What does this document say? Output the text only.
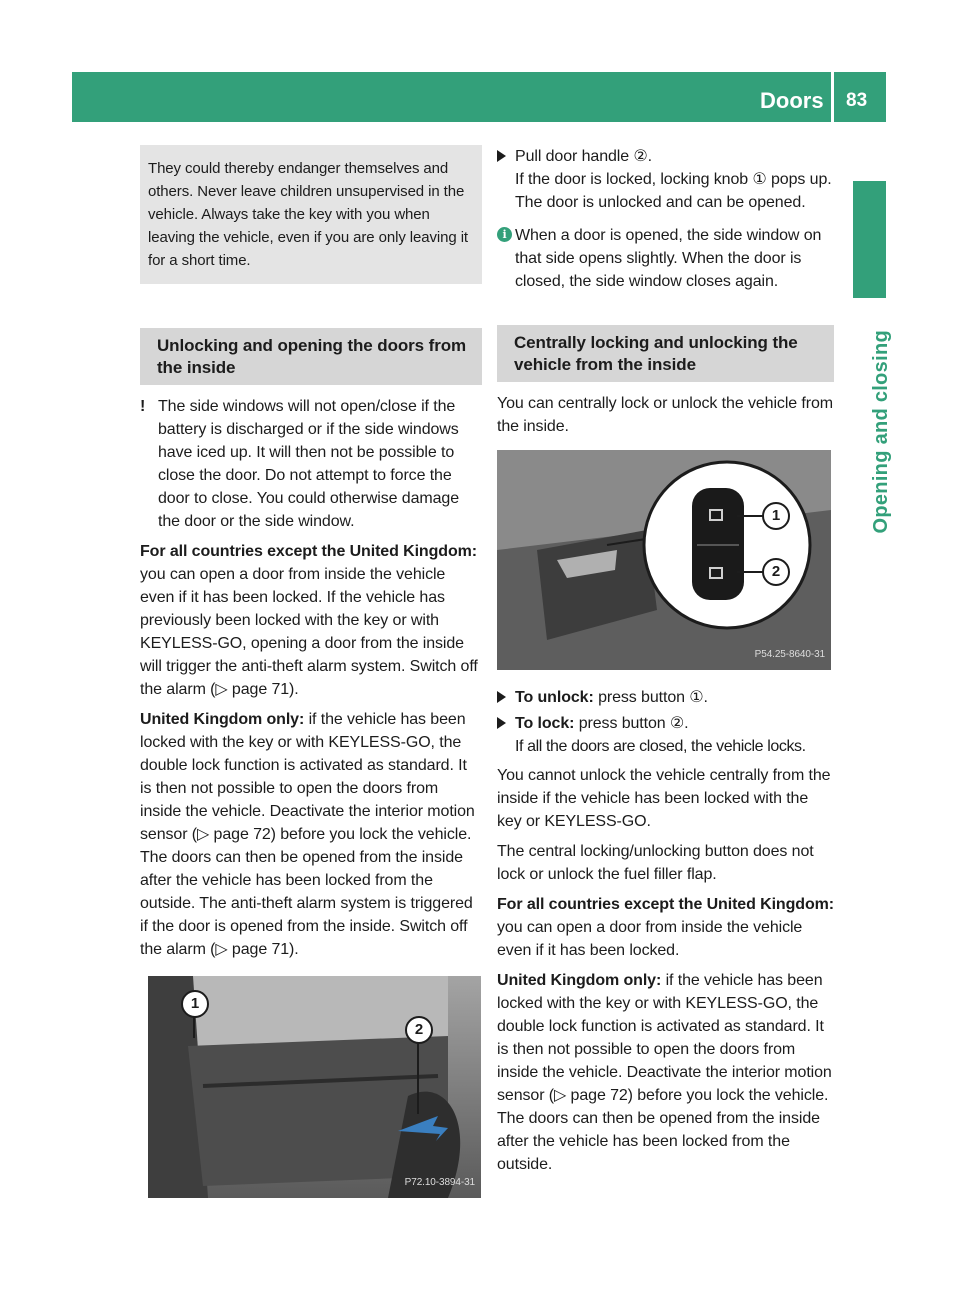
Doors 83
Opening and closing
They could thereby endanger themselves and others. Never leave children unsupervised in the vehicle. Always take the key with you when leaving the vehicle, even if you are only leaving it for a short time.
Unlocking and opening the doors from the inside

! The side windows will not open/close if the battery is discharged or if the side windows have iced up. It will then not be possible to close the door. Do not attempt to force the door to close. You could otherwise damage the door or the side window.

For all countries except the United Kingdom: you can open a door from inside the vehicle even if it has been locked. If the vehicle has previously been locked with the key or with KEYLESS-GO, opening a door from the inside will trigger the anti-theft alarm system. Switch off the alarm (▷ page 71).

United Kingdom only: if the vehicle has been locked with the key or with KEYLESS-GO, the double lock function is activated as standard. It is then not possible to open the doors from inside the vehicle. Deactivate the interior motion sensor (▷ page 72) before you lock the vehicle. The doors can then be opened from the inside after the vehicle has been locked from the outside. The anti-theft alarm system is triggered if the door is opened from the inside. Switch off the alarm (▷ page 71).

1
2
P72.10-3894-31
Pull door handle ②.
If the door is locked, locking knob ① pops up. The door is unlocked and can be opened.

i When a door is opened, the side window on that side opens slightly. When the door is closed, the side window closes again.

Centrally locking and unlocking the vehicle from the inside

You can centrally lock or unlock the vehicle from the inside.

1
2
P54.25-8640-31
To unlock: press button ①.
To lock: press button ②.
If all the doors are closed, the vehicle locks.

You cannot unlock the vehicle centrally from the inside if the vehicle has been locked with the key or KEYLESS-GO.

The central locking/unlocking button does not lock or unlock the fuel filler flap.

For all countries except the United Kingdom: you can open a door from inside the vehicle even if it has been locked.

United Kingdom only: if the vehicle has been locked with the key or with KEYLESS-GO, the double lock function is activated as standard. It is then not possible to open the doors from inside the vehicle. Deactivate the interior motion sensor (▷ page 72) before you lock the vehicle. The doors can then be opened from the inside after the vehicle has been locked from the outside.
